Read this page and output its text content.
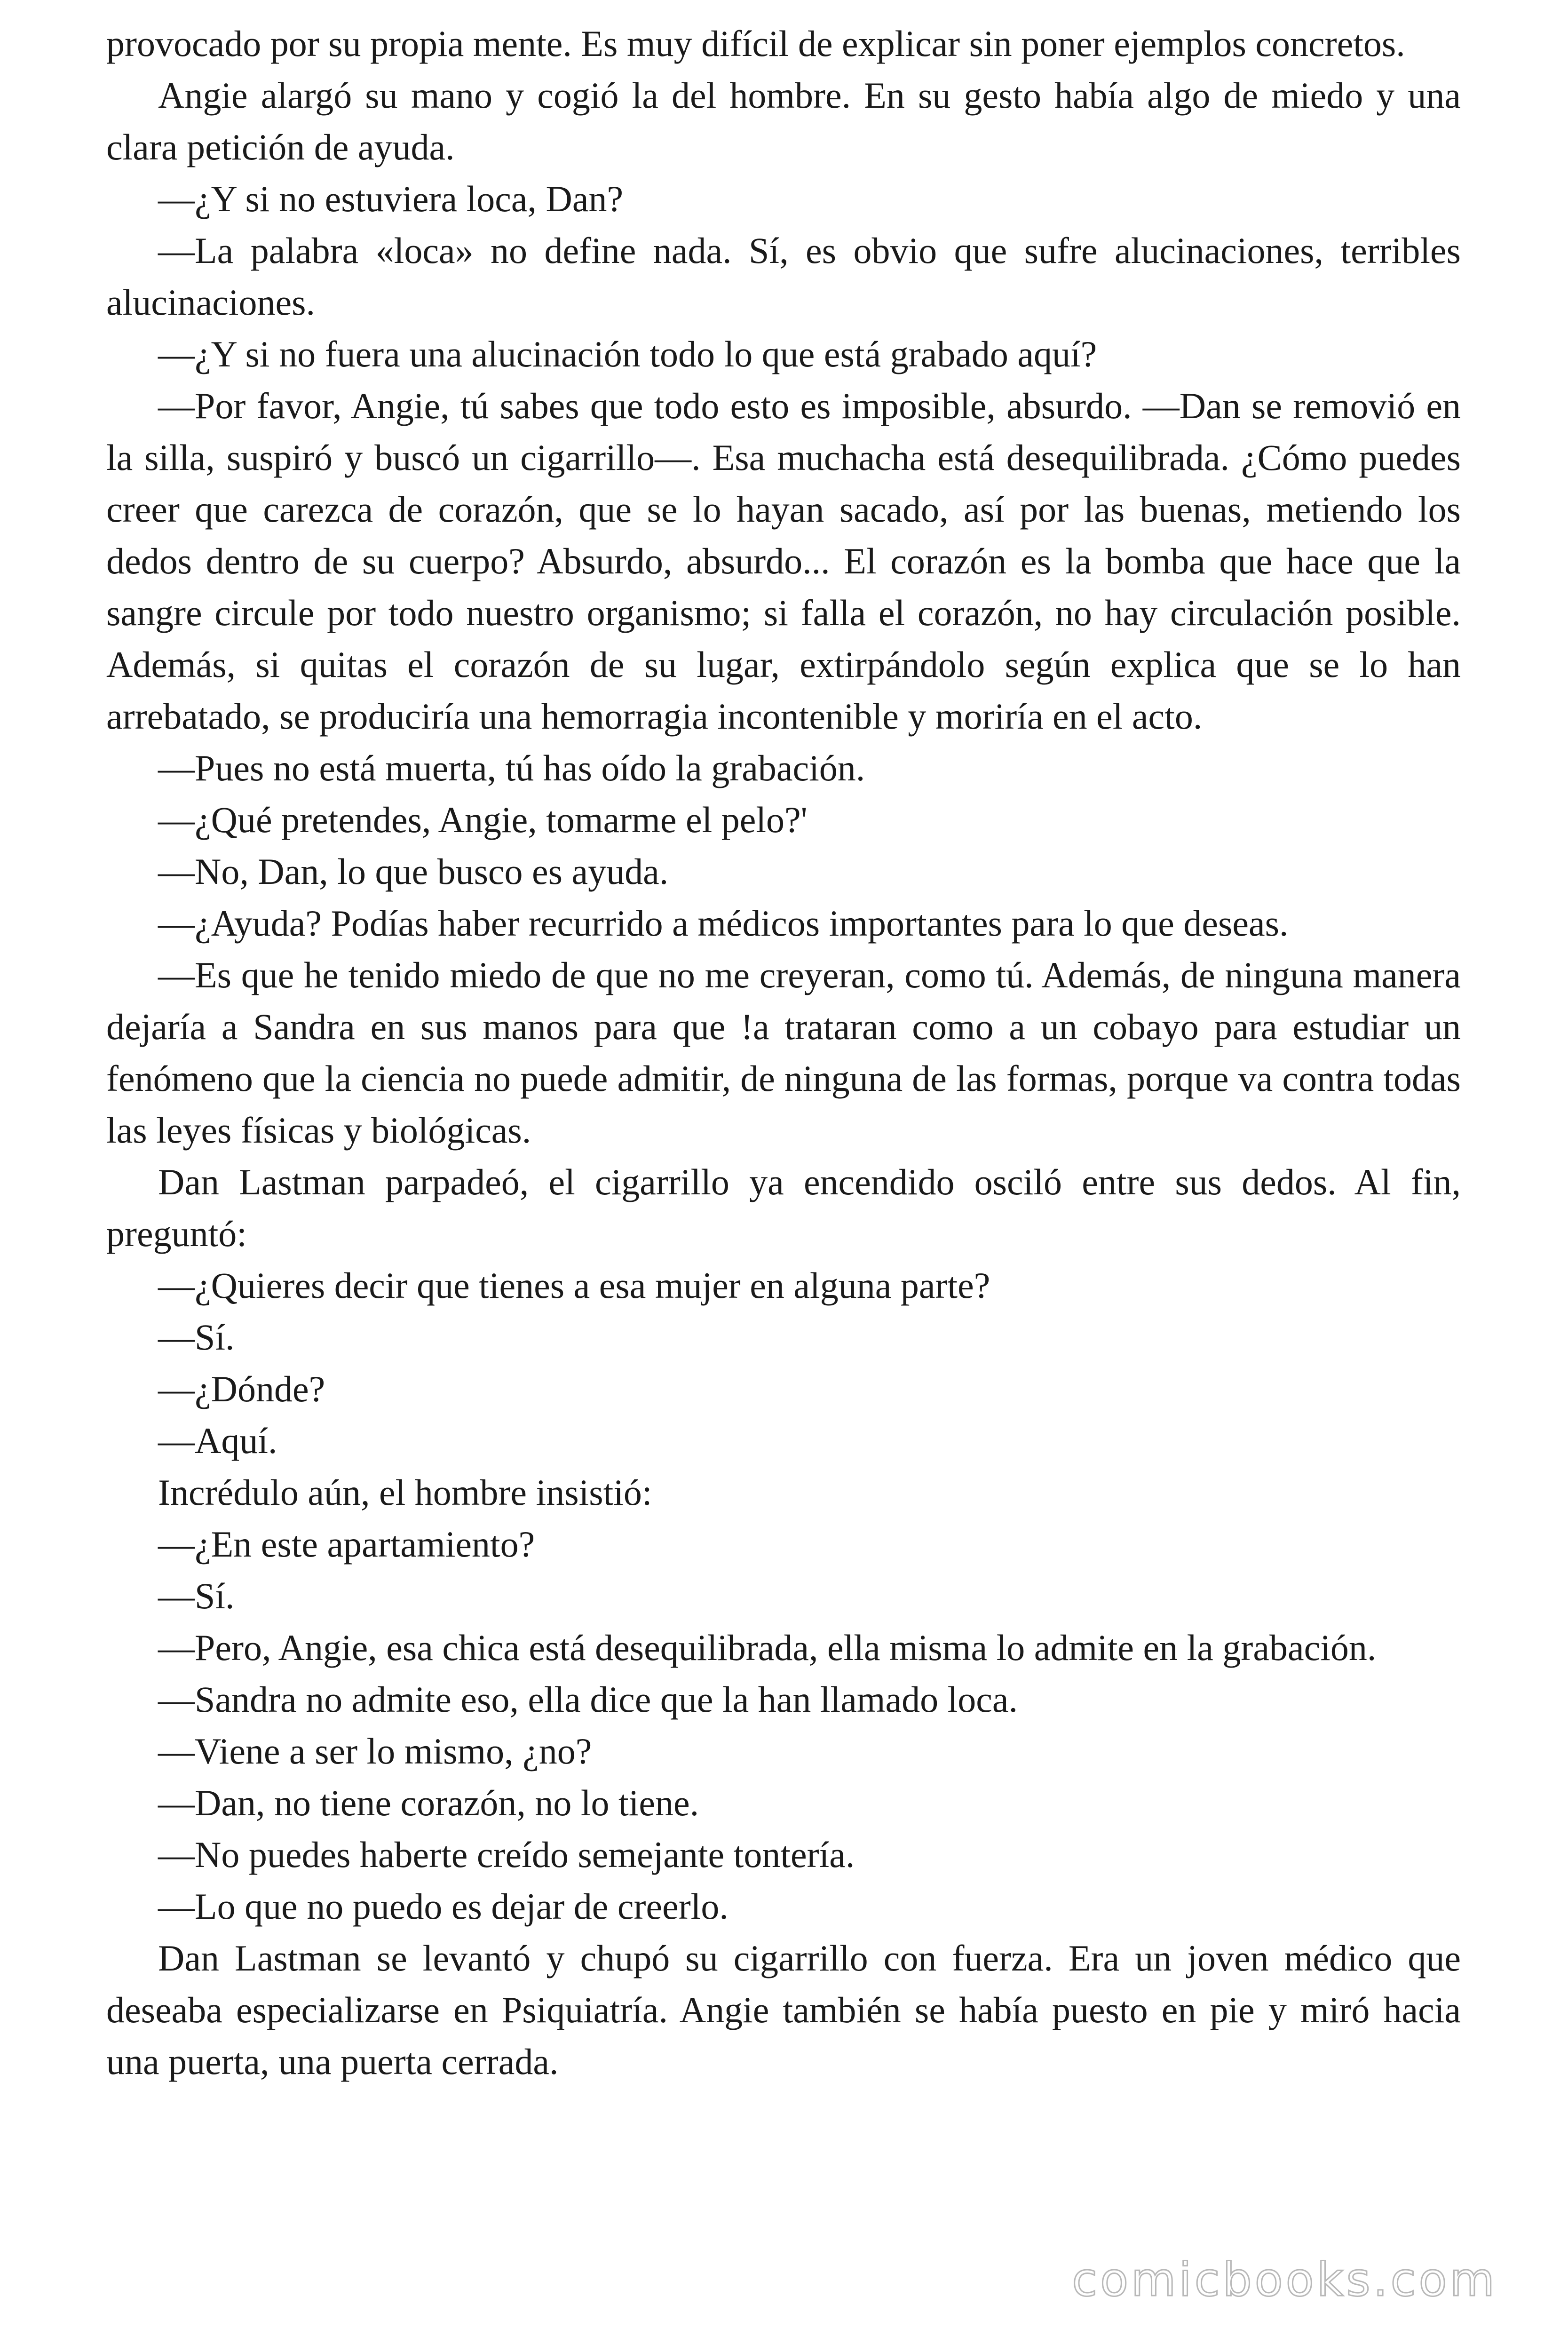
provocado por su propia mente. Es muy difícil de explicar sin poner ejemplos concretos.

Angie alargó su mano y cogió la del hombre. En su gesto había algo de miedo y una clara petición de ayuda.

—¿Y si no estuviera loca, Dan?

—La palabra «loca» no define nada. Sí, es obvio que sufre alucinaciones, terribles alucinaciones.

—¿Y si no fuera una alucinación todo lo que está grabado aquí?

—Por favor, Angie, tú sabes que todo esto es imposible, absurdo. —Dan se removió en la silla, suspiró y buscó un cigarrillo—. Esa muchacha está desequilibrada. ¿Cómo puedes creer que carezca de corazón, que se lo hayan sacado, así por las buenas, metiendo los dedos dentro de su cuerpo? Absurdo, absurdo... El corazón es la bomba que hace que la sangre circule por todo nuestro organismo; si falla el corazón, no hay circulación posible. Además, si quitas el corazón de su lugar, extirpándolo según explica que se lo han arrebatado, se produciría una hemorragia incontenible y moriría en el acto.

—Pues no está muerta, tú has oído la grabación.

—¿Qué pretendes, Angie, tomarme el pelo?'

—No, Dan, lo que busco es ayuda.

—¿Ayuda? Podías haber recurrido a médicos importantes para lo que deseas.

—Es que he tenido miedo de que no me creyeran, como tú. Además, de ninguna manera dejaría a Sandra en sus manos para que !a trataran como a un cobayo para estudiar un fenómeno que la ciencia no puede admitir, de ninguna de las formas, porque va contra todas las leyes físicas y biológicas.

Dan Lastman parpadeó, el cigarrillo ya encendido osciló entre sus dedos. Al fin, preguntó:

—¿Quieres decir que tienes a esa mujer en alguna parte?

—Sí.

—¿Dónde?

—Aquí.

Incrédulo aún, el hombre insistió:

—¿En este apartamiento?

—Sí.

—Pero, Angie, esa chica está desequilibrada, ella misma lo admite en la grabación.

—Sandra no admite eso, ella dice que la han llamado loca.

—Viene a ser lo mismo, ¿no?

—Dan, no tiene corazón, no lo tiene.

—No puedes haberte creído semejante tontería.

—Lo que no puedo es dejar de creerlo.

Dan Lastman se levantó y chupó su cigarrillo con fuerza. Era un joven médico que deseaba especializarse en Psiquiatría. Angie también se había puesto en pie y miró hacia una puerta, una puerta cerrada.

comicbooks.com
